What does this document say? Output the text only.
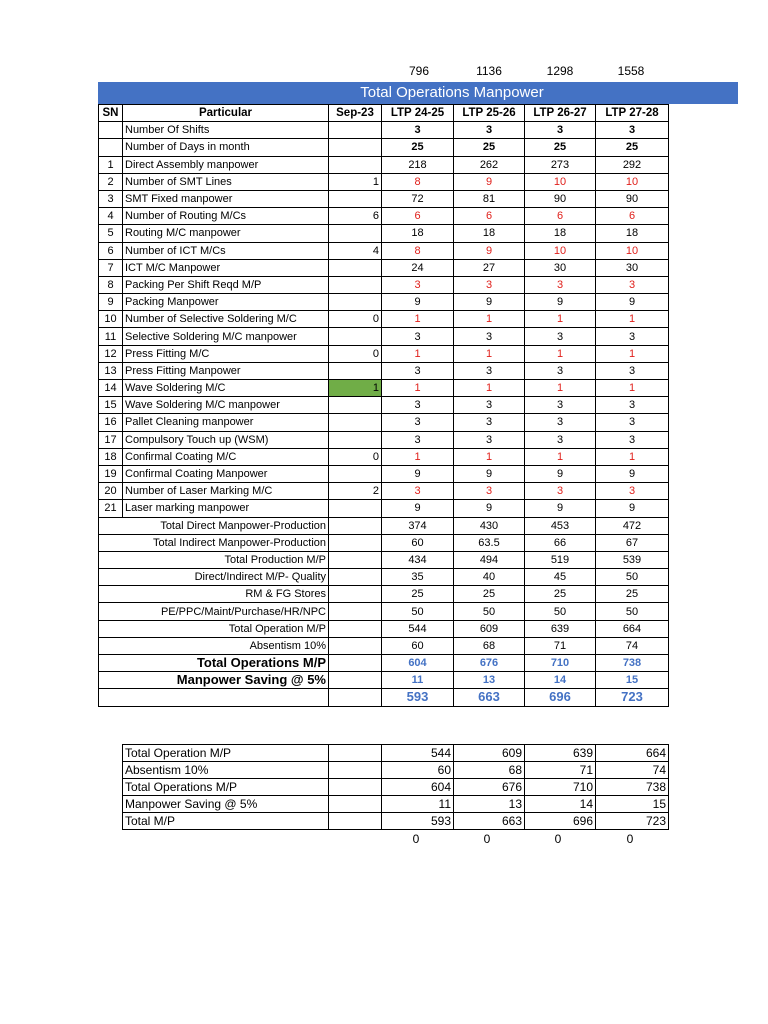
796	1136	1298	1558
Total Operations Manpower
SN	Particular	Sep-23	LTP 24-25	LTP 25-26	LTP 26-27	LTP 27-28
	Number Of Shifts		3	3	3	3
	Number of Days in month		25	25	25	25
1	Direct Assembly manpower		218	262	273	292
2	Number of SMT Lines	1	8	9	10	10
3	SMT Fixed manpower		72	81	90	90
4	Number of Routing M/Cs	6	6	6	6	6
5	Routing M/C manpower		18	18	18	18
6	Number of ICT M/Cs	4	8	9	10	10
7	ICT M/C Manpower		24	27	30	30
8	Packing Per Shift Reqd M/P		3	3	3	3
9	Packing Manpower		9	9	9	9
10	Number of Selective Soldering M/C	0	1	1	1	1
11	Selective Soldering M/C manpower		3	3	3	3
12	Press Fitting M/C	0	1	1	1	1
13	Press Fitting Manpower		3	3	3	3
14	Wave Soldering M/C	1	1	1	1	1
15	Wave Soldering M/C manpower		3	3	3	3
16	Pallet Cleaning manpower		3	3	3	3
17	Compulsory Touch up (WSM)		3	3	3	3
18	Confirmal Coating M/C	0	1	1	1	1
19	Confirmal Coating Manpower		9	9	9	9
20	Number of Laser Marking M/C	2	3	3	3	3
21	Laser marking manpower		9	9	9	9
Total Direct Manpower-Production			374	430	453	472
Total Indirect Manpower-Production			60	63.5	66	67
Total Production M/P			434	494	519	539
Direct/Indirect M/P- Quality			35	40	45	50
RM & FG Stores			25	25	25	25
PE/PPC/Maint/Purchase/HR/NPC			50	50	50	50
Total Operation M/P			544	609	639	664
Absentism 10%			60	68	71	74
Total Operations M/P			604	676	710	738
Manpower Saving @ 5%			11	13	14	15
			593	663	696	723
Total Operation M/P		544	609	639	664
Absentism 10%		60	68	71	74
Total Operations M/P		604	676	710	738
Manpower Saving @ 5%		11	13	14	15
Total M/P		593	663	696	723
0	0	0	0
